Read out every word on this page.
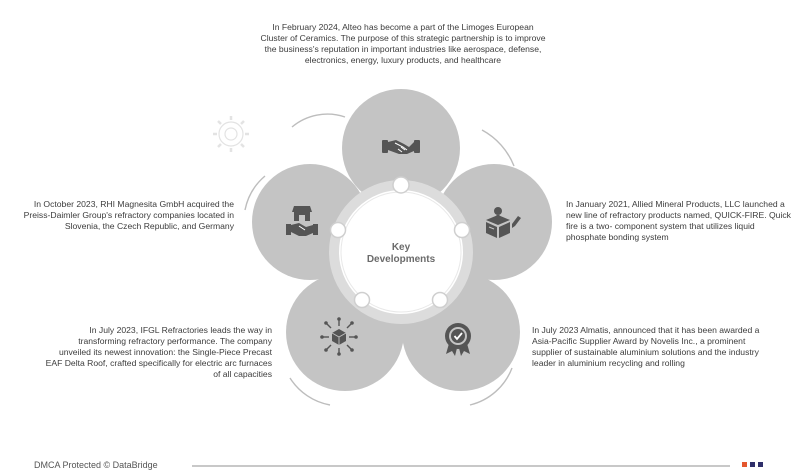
Key
Developments
In February 2024, Alteo has become a part of the Limoges European Cluster of Ceramics. The purpose of this strategic partnership is to improve the business's reputation in important industries like aerospace, defense, electronics, energy, luxury products, and healthcare
In January 2021, Allied Mineral Products, LLC launched a new line of refractory products named, QUICK-FIRE. Quick fire is a two- component system that utilizes liquid phosphate bonding system
In July 2023 Almatis, announced that it has been awarded a Asia-Pacific Supplier Award by Novelis Inc., a prominent supplier of sustainable aluminium solutions and the industry leader in aluminium recycling and rolling
In July 2023, IFGL Refractories leads the way in transforming refractory performance. The company unveiled its newest innovation: the Single-Piece Precast EAF Delta Roof, crafted specifically for electric arc furnaces of all capacities
In October 2023, RHI Magnesita GmbH acquired the Preiss-Daimler Group's refractory companies located in Slovenia, the Czech Republic, and Germany
DMCA Protected © DataBridge
